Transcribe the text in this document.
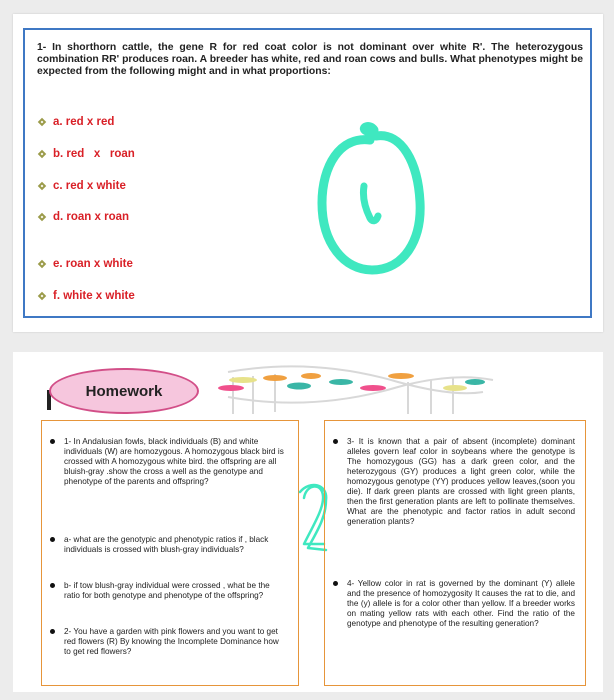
1- In shorthorn cattle, the gene R for red coat color is not dominant over white R'. The heterozygous combination RR' produces roan. A breeder has white, red and roan cows and bulls. What phenotypes might be expected from the following might and in what proportions:

a. red x red
b. red   x   roan
c. red x white
d. roan x roan
e. roan x white
f. white x white
Homework
1- In Andalusian fowls, black individuals (B) and white individuals (W) are homozygous. A homozygous black bird is crossed with A homozygous white bird. the offspring are all bluish-gray .show the cross a well as the genotype and phenotype of the parents and offspring?
a- what are the genotypic and phenotypic ratios if , black individuals is crossed with blush-gray individuals?
b- if tow blush-gray individual were crossed , what be the ratio for both genotype and phenotype of the offspring?
2- You have a garden with pink flowers and you want to get red flowers (R) By knowing the Incomplete Dominance how to get red flowers?
3- It is known that a pair of absent (incomplete) dominant alleles govern leaf color in soybeans where the genotype is The homozygous (GG) has a dark green color, and the heterozygous (GY) produces a light green color, while the homozygous genotype (YY) produces yellow leaves,(soon you die). If dark green plants are crossed with light green plants, then the first generation plants are left to pollinate themselves. What are the phenotypic and factor ratios in adult second generation plants?
4- Yellow color in rat is governed by the dominant (Y) allele and the presence of homozygosity It causes the rat to die, and the (y) allele is for a color other than yellow. If a breeder works on mating yellow rats with each other. Find the ratio of the genotype and phenotype of the resulting generation?
